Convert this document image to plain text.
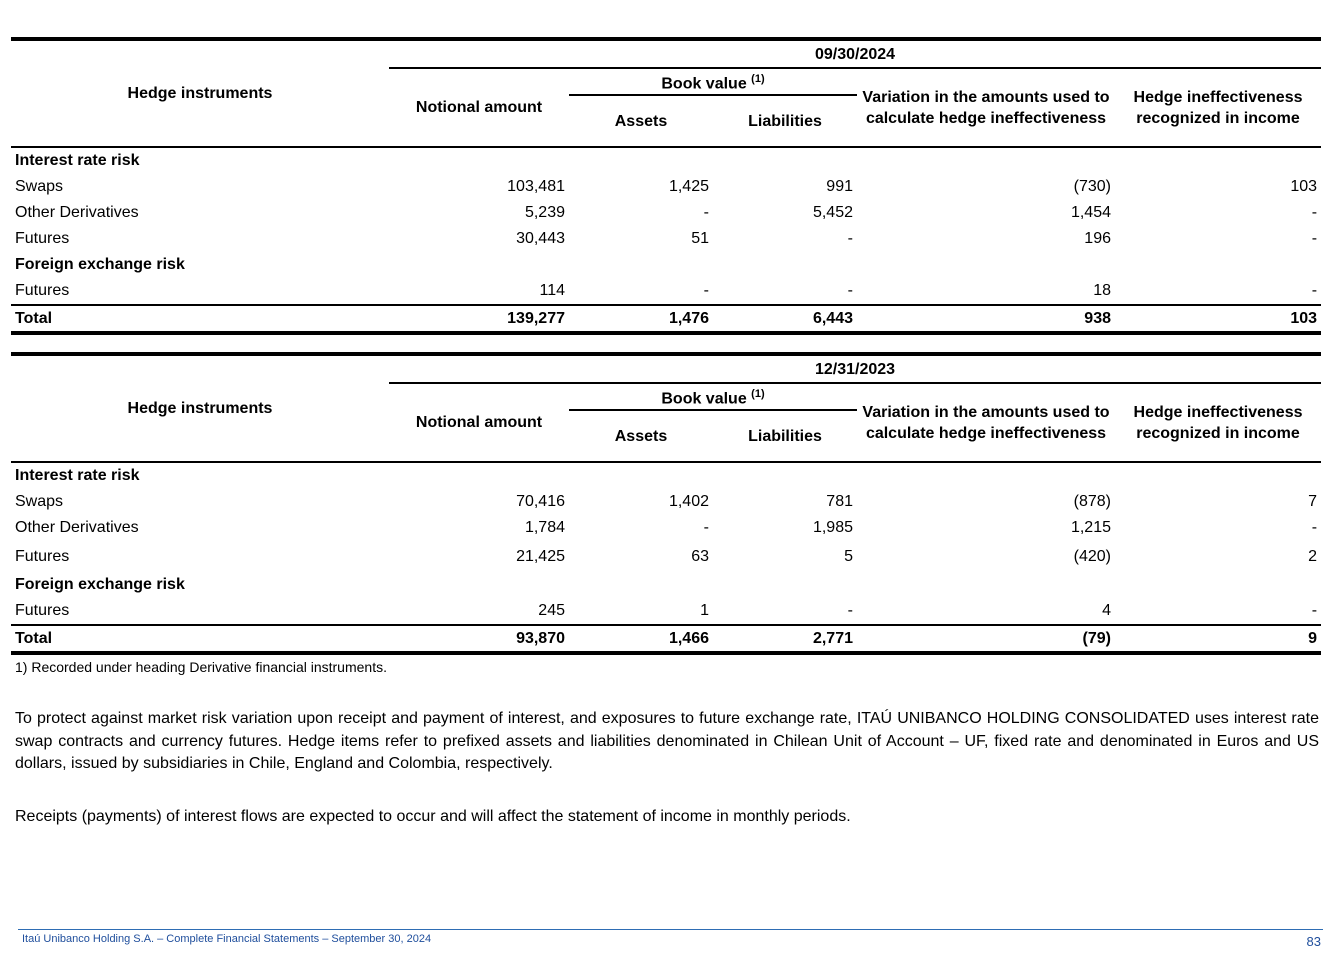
Hedge instruments	09/30/2024				
	Notional amount	Book value $^{(1)}$		Variation in the amounts used to calculate hedge ineffectiveness	Hedge ineffectiveness recognized in income
		Assets	Liabilities		
Interest rate risk					
Swaps	103,481	1,425	991	(730)	103
Other Derivatives	5,239	-	5,452	1,454	-
Futures	30,443	51	-	196	-
Foreign exchange risk					
Futures	114	-	-	18	-
Total	139,277	1,476	6,443	938	103
Hedge instruments	12/31/2023				
	Notional amount	Book value $^{(1)}$		Variation in the amounts used to calculate hedge ineffectiveness	Hedge ineffectiveness recognized in income
		Assets	Liabilities		
Interest rate risk					
Swaps	70,416	1,402	781	(878)	7
Other Derivatives	1,784	-	1,985	1,215	-
Futures	21,425	63	5	(420)	2
Foreign exchange risk					
Futures	245	1	-	4	-
Total	93,870	1,466	2,771	(79)	9
1) Recorded under heading Derivative financial instruments.

To protect against market risk variation upon receipt and payment of interest, and exposures to future exchange rate, ITAÚ UNIBANCO HOLDING CONSOLIDATED uses interest rate swap contracts and currency futures. Hedge items refer to prefixed assets and liabilities denominated in Chilean Unit of Account – UF, fixed rate and denominated in Euros and US dollars, issued by subsidiaries in Chile, England and Colombia, respectively.

Receipts (payments) of interest flows are expected to occur and will affect the statement of income in monthly periods.

Itaú Unibanco Holding S.A. – Complete Financial Statements – September 30, 2024	83
